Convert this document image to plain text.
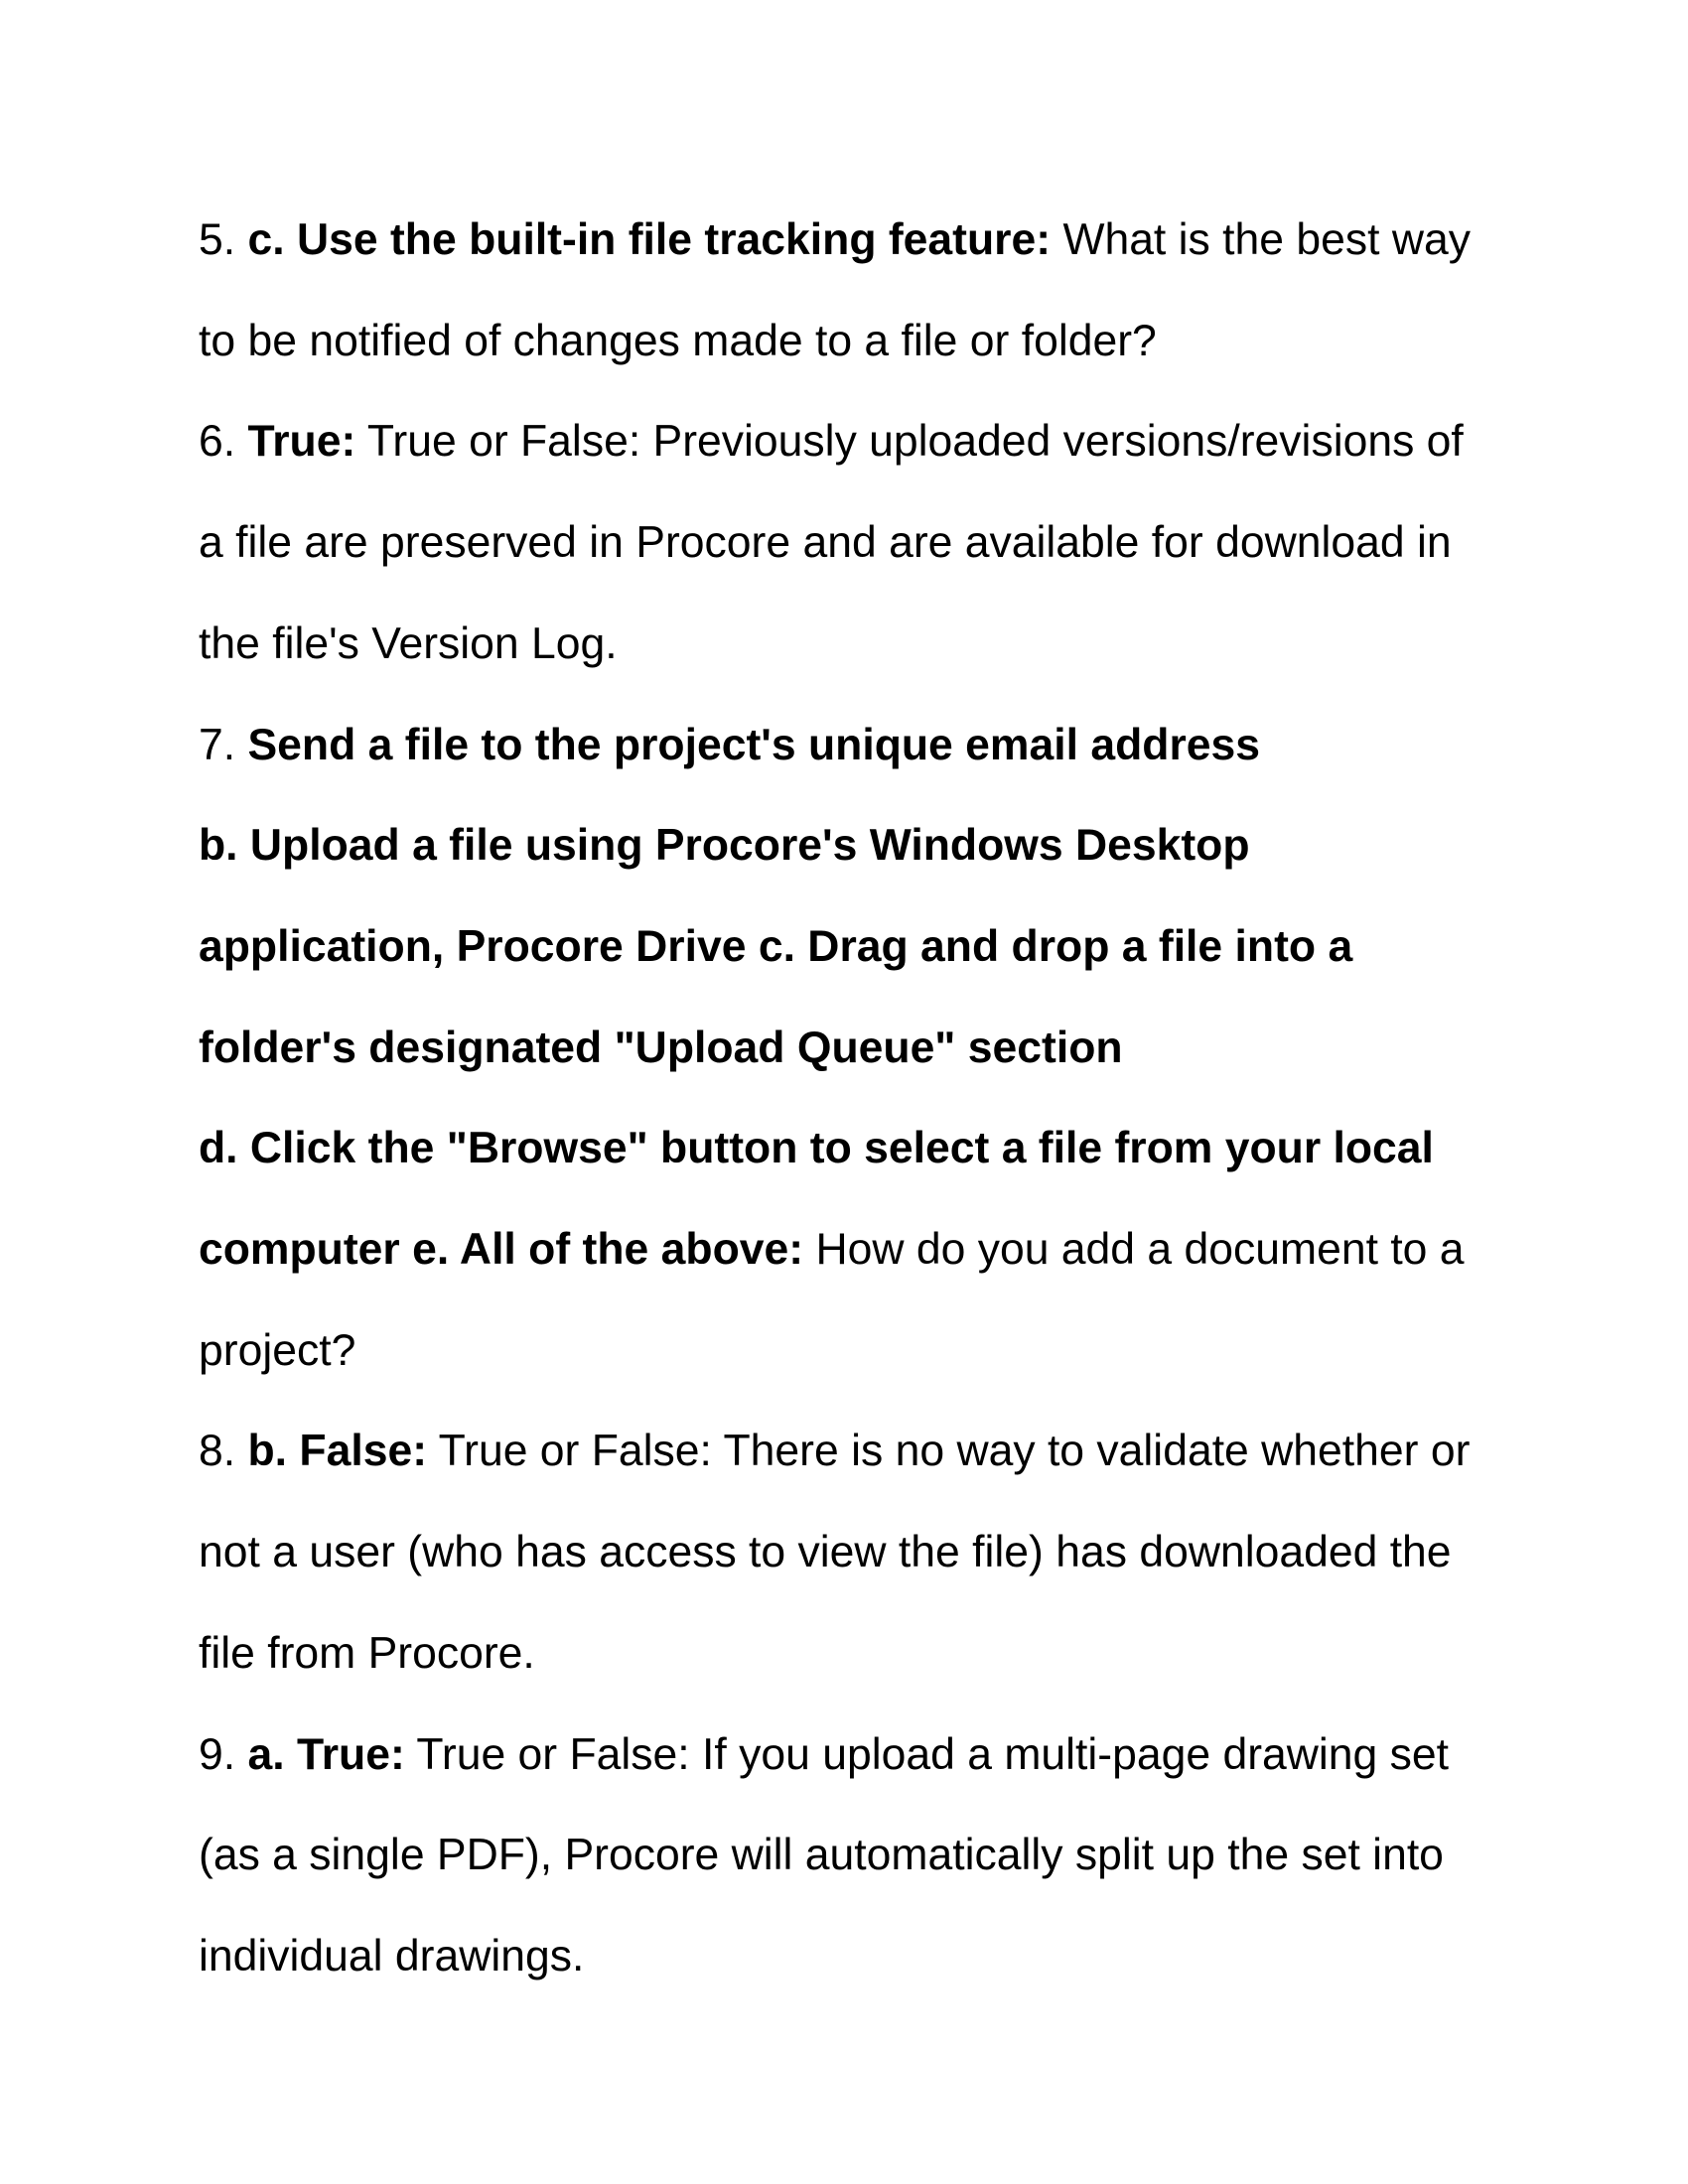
5. c. Use the built-in file tracking feature: What is the best way to be notified of changes made to a file or folder?

6. True: True or False: Previously uploaded versions/revisions of a file are preserved in Procore and are available for download in the file's Version Log.

7. Send a file to the project's unique email address

b. Upload a file using Procore's Windows Desktop application, Procore Drive c. Drag and drop a file into a folder's designated "Upload Queue" section

d. Click the "Browse" button to select a file from your local computer e. All of the above: How do you add a document to a project?

8. b. False: True or False: There is no way to validate whether or not a user (who has access to view the file) has downloaded the file from Procore.

9. a. True: True or False: If you upload a multi-page drawing set (as a single PDF), Procore will automatically split up the set into individual drawings.
